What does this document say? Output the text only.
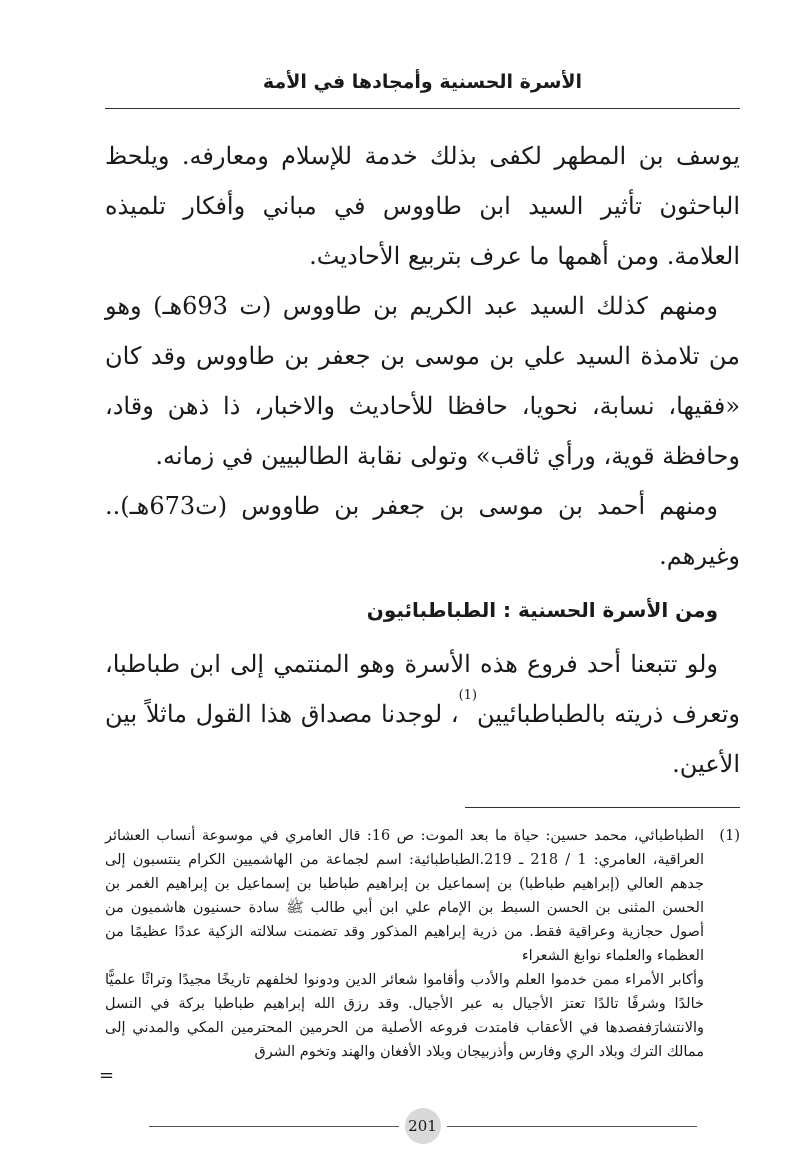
الأسرة الحسنية وأمجادها في الأمة

يوسف بن المطهر لكفى بذلك خدمة للإسلام ومعارفه. ويلحظ الباحثون تأثير السيد ابن طاووس في مباني وأفكار تلميذه العلامة. ومن أهمها ما عرف بتربيع الأحاديث.

ومنهم كذلك السيد عبد الكريم بن طاووس (ت 693هـ) وهو من تلامذة السيد علي بن موسى بن جعفر بن طاووس وقد كان «فقيها، نسابة، نحويا، حافظا للأحاديث والاخبار، ذا ذهن وقاد، وحافظة قوية، ورأي ثاقب» وتولى نقابة الطالبيين في زمانه.

ومنهم أحمد بن موسى بن جعفر بن طاووس (ت673هـ).. وغيرهم.

ومن الأسرة الحسنية : الطباطبائيون

ولو تتبعنا أحد فروع هذه الأسرة وهو المنتمي إلى ابن طباطبا، وتعرف ذريته بالطباطبائيين$^{(1)}$، لوجدنا مصداق هذا القول ماثلاً بين الأعين.

(1)
الطباطبائي، محمد حسين: حياة ما بعد الموت: ص 16: قال العامري في موسوعة أنساب العشائر العراقية، العامري: 1 / 218 ـ 219.الطباطبائية: اسم لجماعة من الهاشميين الكرام ينتسبون إلى جدهم العالي (إبراهيم طباطبا) بن إسماعيل بن إبراهيم طباطبا بن إسماعيل بن إبراهيم الغمر بن الحسن المثنى بن الحسن السبط بن الإمام علي ابن أبي طالب ﷺ سادة حسنيون هاشميون من أصول حجازية وعراقية فقط. من ذرية إبراهيم المذكور وقد تضمنت سلالته الزكية عددًا عظيمًا من العظماء والعلماء نوابغ الشعراء
وأكابر الأمراء ممن خدموا العلم والأدب وأقاموا شعائر الدين ودونوا لخلفهم تاريخًا مجيدًا وتراثًا علميًّا خالدًا وشرفًا تالدًا تعتز الأجيال به عبر الأجيال. وقد رزق الله إبراهيم طباطبا بركة في النسل والانتشارَففصدها في الأعقاب فامتدت فروعه الأصلية من الحرمين المحترمين المكي والمدني إلى ممالك الترك وبلاد الري وفارس وأذربيجان وبلاد الأفغان والهند وتخوم الشرق
=
201
